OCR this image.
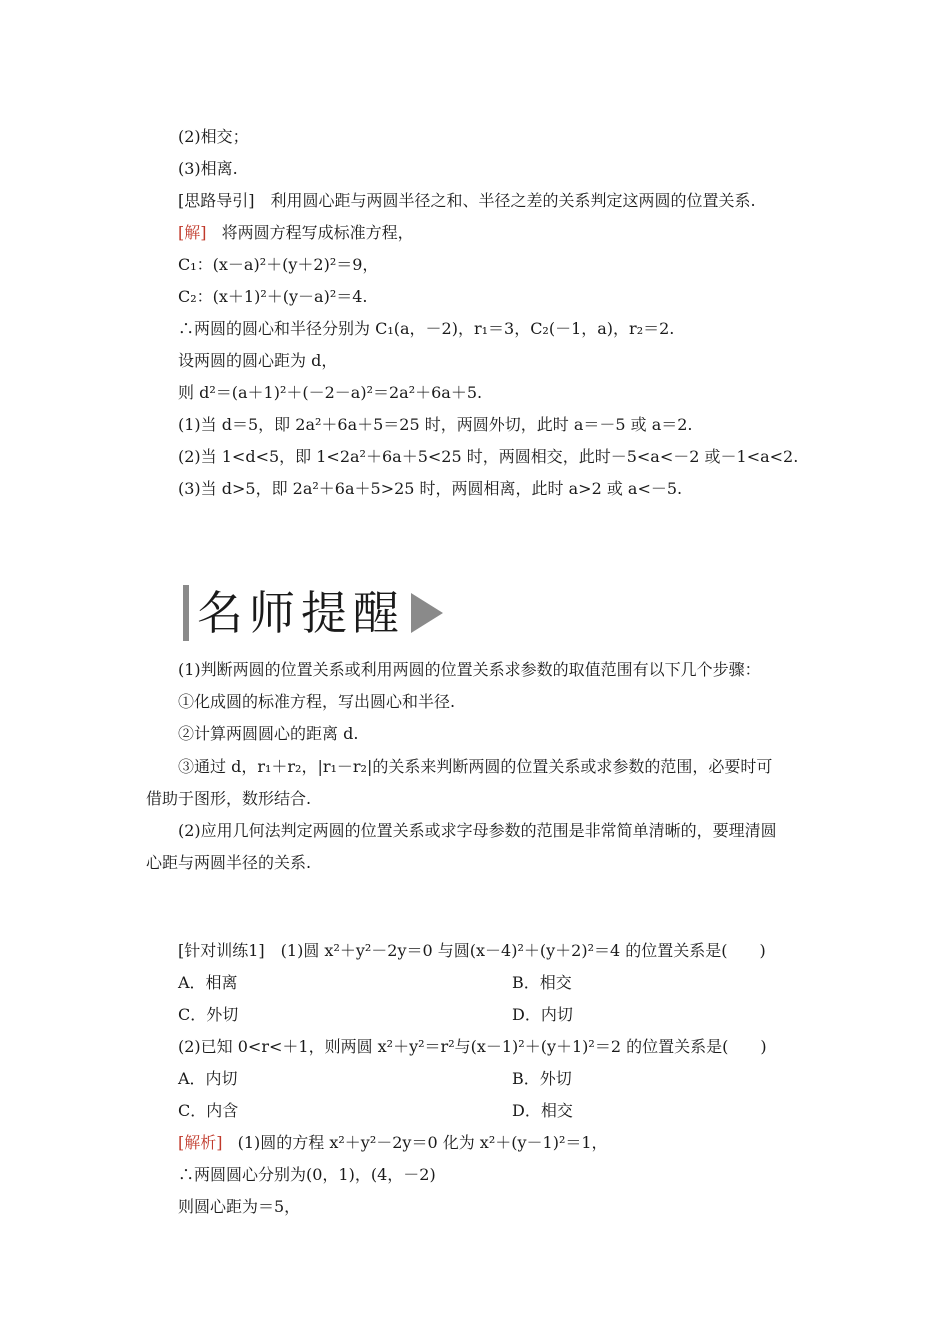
(2)相交；
(3)相离.
[思路导引]　利用圆心距与两圆半径之和、半径之差的关系判定这两圆的位置关系.
[解] 将两圆方程写成标准方程，
C₁：(x－a)²＋(y＋2)²＝9，
C₂：(x＋1)²＋(y－a)²＝4.
∴两圆的圆心和半径分别为 C₁(a，－2)，r₁＝3，C₂(－1，a)，r₂＝2.
设两圆的圆心距为 d，
则 d²＝(a＋1)²＋(－2－a)²＝2a²＋6a＋5.
(1)当 d＝5，即 2a²＋6a＋5＝25 时，两圆外切，此时 a＝－5 或 a＝2.
(2)当 1<d<5，即 1<2a²＋6a＋5<25 时，两圆相交，此时－5<a<－2 或－1<a<2.
(3)当 d>5，即 2a²＋6a＋5>25 时，两圆相离，此时 a>2 或 a<－5.
名师提醒
(1)判断两圆的位置关系或利用两圆的位置关系求参数的取值范围有以下几个步骤：
①化成圆的标准方程，写出圆心和半径.
②计算两圆圆心的距离 d.
③通过 d，r₁＋r₂，|r₁－r₂|的关系来判断两圆的位置关系或求参数的范围，必要时可
借助于图形，数形结合.
(2)应用几何法判定两圆的位置关系或求字母参数的范围是非常简单清晰的，要理清圆
心距与两圆半径的关系.
[针对训练1]　(1)圆 x²＋y²－2y＝0 与圆(x－4)²＋(y＋2)²＝4 的位置关系是(　　)
A．相离	B．相交
C．外切	D．内切
(2)已知 0<r<＋1，则两圆 x²＋y²＝r²与(x－1)²＋(y＋1)²＝2 的位置关系是(　　)
A．内切	B．外切
C．内含	D．相交
[解析] (1)圆的方程 x²＋y²－2y＝0 化为 x²＋(y－1)²＝1，
∴两圆圆心分别为(0，1)，(4，－2)
则圆心距为＝5，
